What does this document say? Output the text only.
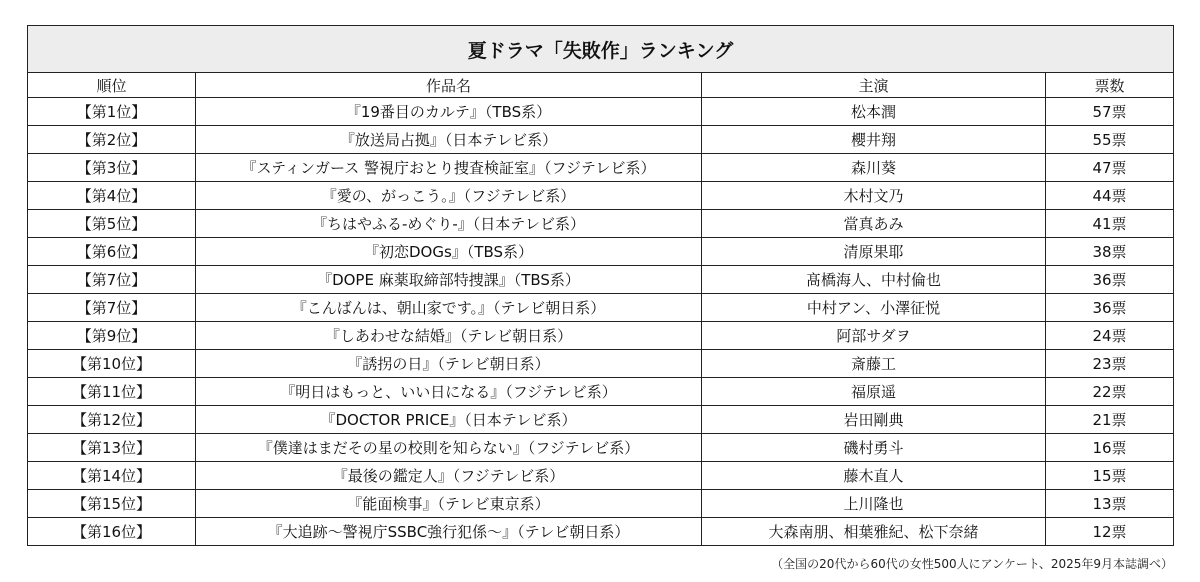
夏ドラマ「失敗作」ランキング			
順位	作品名	主演	票数
【第1位】	『19番目のカルテ』（TBS系）	松本潤	57票
【第2位】	『放送局占拠』（日本テレビ系）	櫻井翔	55票
【第3位】	『スティンガース 警視庁おとり捜査検証室』（フジテレビ系）	森川葵	47票
【第4位】	『愛の、がっこう。』（フジテレビ系）	木村文乃	44票
【第5位】	『ちはやふる-めぐり-』（日本テレビ系）	當真あみ	41票
【第6位】	『初恋DOGs』（TBS系）	清原果耶	38票
【第7位】	『DOPE 麻薬取締部特捜課』（TBS系）	髙橋海人、中村倫也	36票
【第7位】	『こんばんは、朝山家です。』（テレビ朝日系）	中村アン、小澤征悦	36票
【第9位】	『しあわせな結婚』（テレビ朝日系）	阿部サダヲ	24票
【第10位】	『誘拐の日』（テレビ朝日系）	斎藤工	23票
【第11位】	『明日はもっと、いい日になる』（フジテレビ系）	福原遥	22票
【第12位】	『DOCTOR PRICE』（日本テレビ系）	岩田剛典	21票
【第13位】	『僕達はまだその星の校則を知らない』（フジテレビ系）	磯村勇斗	16票
【第14位】	『最後の鑑定人』（フジテレビ系）	藤木直人	15票
【第15位】	『能面検事』（テレビ東京系）	上川隆也	13票
【第16位】	『大追跡〜警視庁SSBC強行犯係〜』（テレビ朝日系）	大森南朋、相葉雅紀、松下奈緒	12票
（全国の20代から60代の女性500人にアンケート、2025年9月本誌調べ）
